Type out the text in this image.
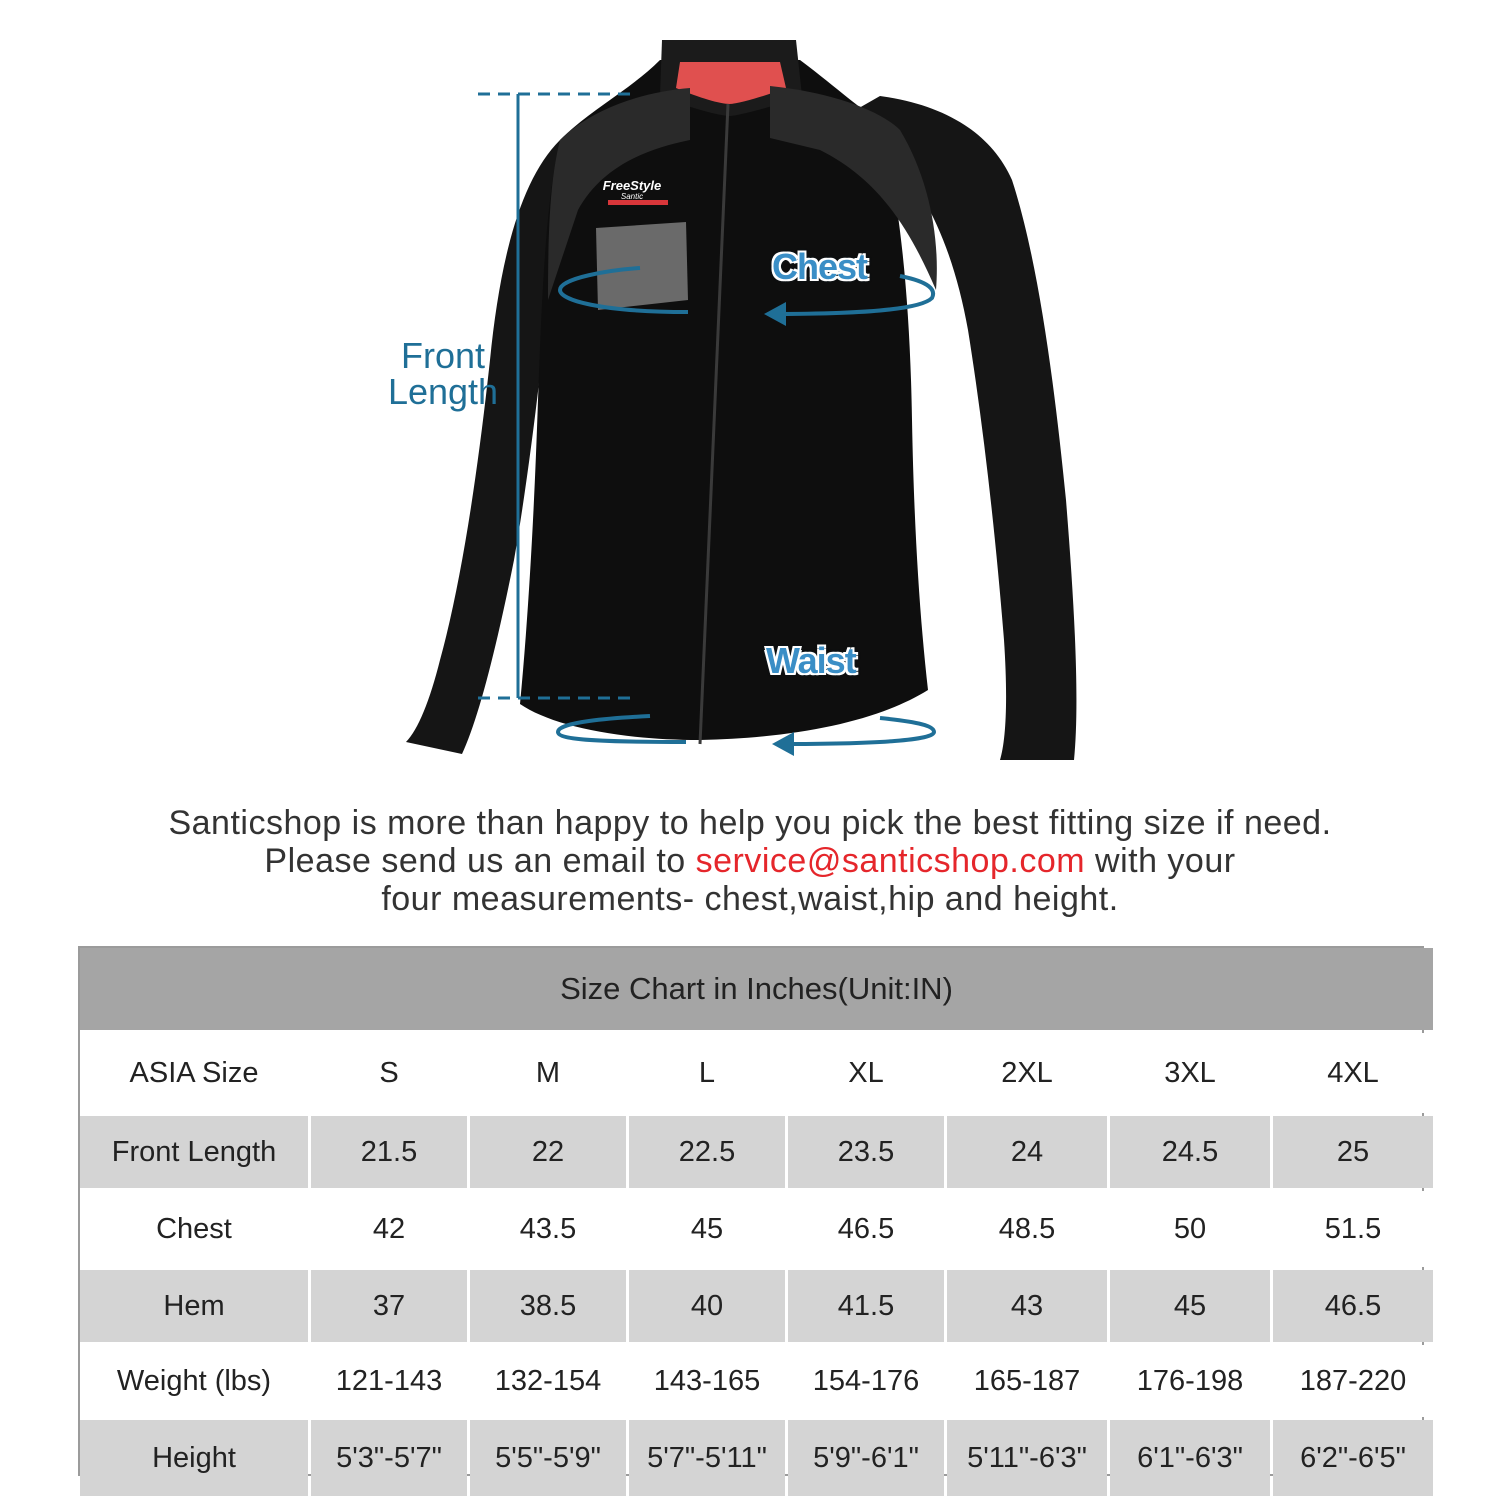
FreeStyle
Santic
Front
Length
Chest
Waist
Santicshop is more than happy to help you pick the best fitting size if need.
Please send us an email to service@santicshop.com with your
four measurements- chest,waist,hip and height.
Size Chart in Inches(Unit:IN)
ASIA Size	S	M	L	XL	2XL	3XL	4XL
Front Length	21.5	22	22.5	23.5	24	24.5	25
Chest	42	43.5	45	46.5	48.5	50	51.5
Hem	37	38.5	40	41.5	43	45	46.5
Weight (lbs)	121-143	132-154	143-165	154-176	165-187	176-198	187-220
Height	5'3"-5'7"	5'5"-5'9"	5'7"-5'11"	5'9"-6'1"	5'11"-6'3"	6'1"-6'3"	6'2"-6'5"
